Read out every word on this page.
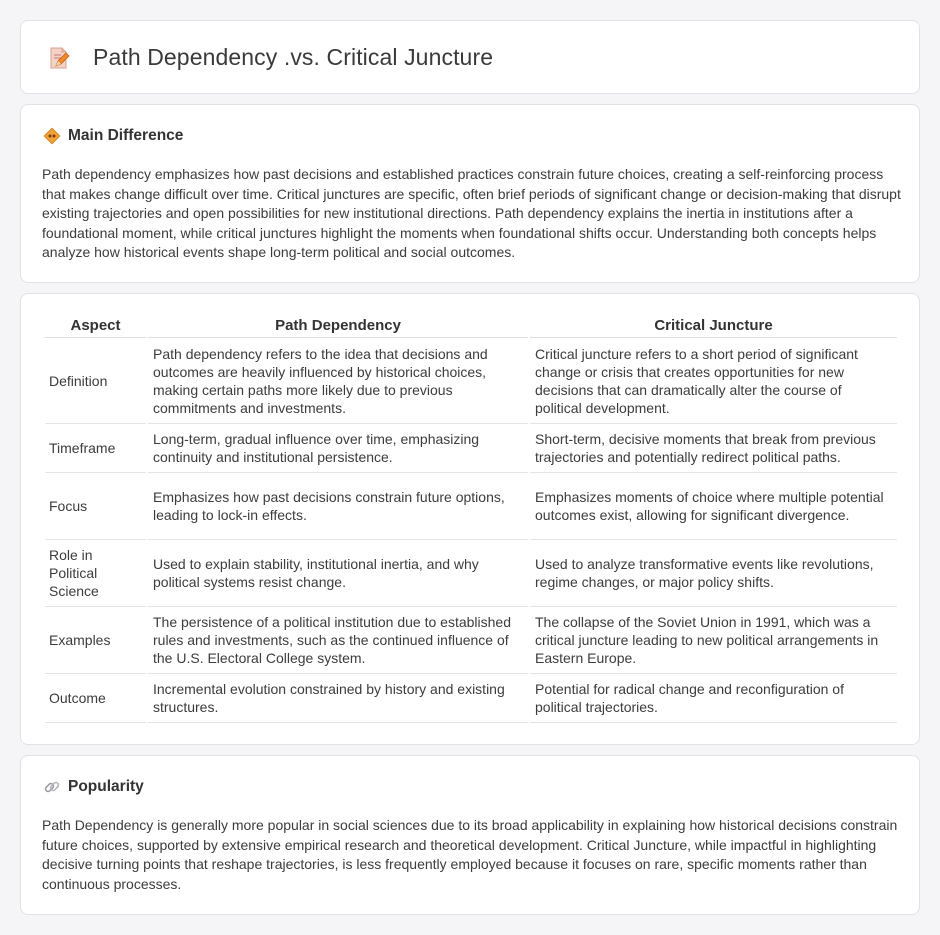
Path Dependency .vs. Critical Juncture
Main Difference

Path dependency emphasizes how past decisions and established practices constrain future choices, creating a self-reinforcing process that makes change difficult over time. Critical junctures are specific, often brief periods of significant change or decision-making that disrupt existing trajectories and open possibilities for new institutional directions. Path dependency explains the inertia in institutions after a foundational moment, while critical junctures highlight the moments when foundational shifts occur. Understanding both concepts helps analyze how historical events shape long-term political and social outcomes.

Aspect	Path Dependency	Critical Juncture
Definition	Path dependency refers to the idea that decisions and outcomes are heavily influenced by historical choices, making certain paths more likely due to previous commitments and investments.	Critical juncture refers to a short period of significant change or crisis that creates opportunities for new decisions that can dramatically alter the course of political development.
Timeframe	Long-term, gradual influence over time, emphasizing continuity and institutional persistence.	Short-term, decisive moments that break from previous trajectories and potentially redirect political paths.
Focus	Emphasizes how past decisions constrain future options, leading to lock-in effects.	Emphasizes moments of choice where multiple potential outcomes exist, allowing for significant divergence.
Role in Political Science	Used to explain stability, institutional inertia, and why political systems resist change.	Used to analyze transformative events like revolutions, regime changes, or major policy shifts.
Examples	The persistence of a political institution due to established rules and investments, such as the continued influence of the U.S. Electoral College system.	The collapse of the Soviet Union in 1991, which was a critical juncture leading to new political arrangements in Eastern Europe.
Outcome	Incremental evolution constrained by history and existing structures.	Potential for radical change and reconfiguration of political trajectories.
Popularity

Path Dependency is generally more popular in social sciences due to its broad applicability in explaining how historical decisions constrain future choices, supported by extensive empirical research and theoretical development. Critical Juncture, while impactful in highlighting decisive turning points that reshape trajectories, is less frequently employed because it focuses on rare, specific moments rather than continuous processes.
